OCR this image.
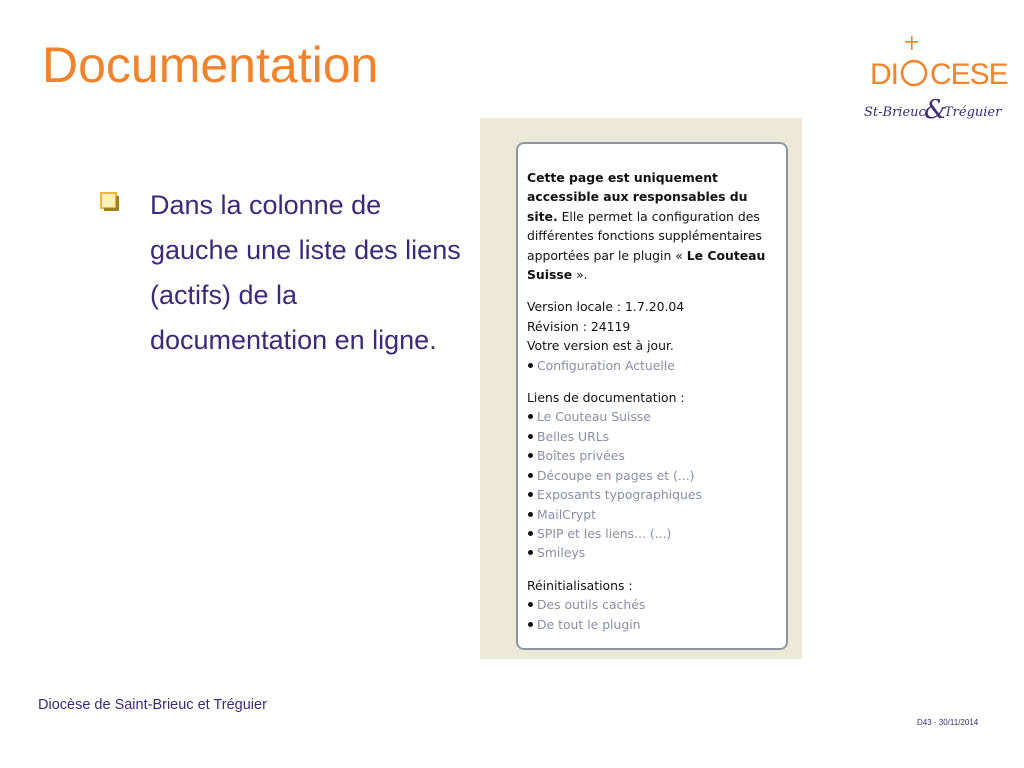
Documentation	DI CESE
St-Brieuc
&
Tréguier
Dans la colonne de gauche une liste des liens (actifs) de la documentation en ligne.

Cette page est uniquement accessible aux responsables du site. Elle permet la configuration des différentes fonctions supplémentaires apportées par le plugin « Le Couteau Suisse ».

Version locale : 1.7.20.04

Révision : 24119

Votre version est à jour.

Configuration Actuelle

Liens de documentation :

Le Couteau Suisse

Belles URLs

Boîtes privées

Découpe en pages et (...)

Exposants typographiques

MailCrypt

SPIP et les liens... (...)

Smileys

Réinitialisations :

Des outils cachés

De tout le plugin

Diocèse de Saint-Brieuc et Tréguier
D43 - 30/11/2014
